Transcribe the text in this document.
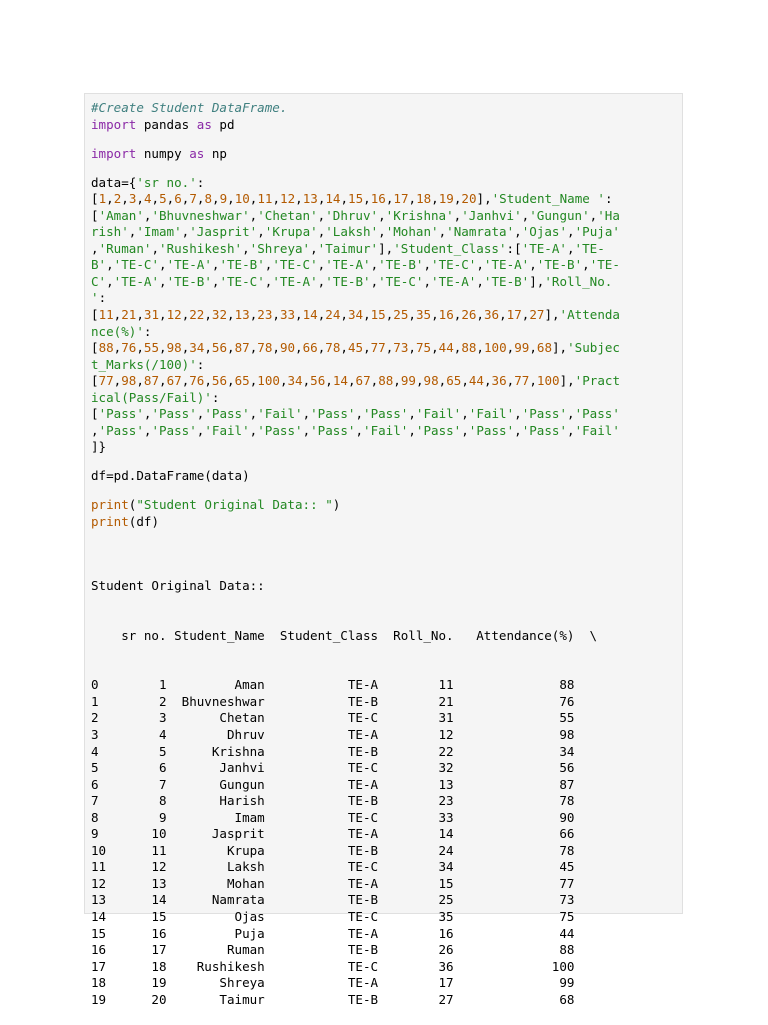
#Create Student DataFrame.
import pandas as pd
import numpy as np
data={'sr no.':
[1,2,3,4,5,6,7,8,9,10,11,12,13,14,15,16,17,18,19,20],'Student_Name ':
['Aman','Bhuvneshwar','Chetan','Dhruv','Krishna','Janhvi','Gungun','Ha
rish','Imam','Jasprit','Krupa','Laksh','Mohan','Namrata','Ojas','Puja'
,'Ruman','Rushikesh','Shreya','Taimur'],'Student_Class':['TE-A','TE-
B','TE-C','TE-A','TE-B','TE-C','TE-A','TE-B','TE-C','TE-A','TE-B','TE-
C','TE-A','TE-B','TE-C','TE-A','TE-B','TE-C','TE-A','TE-B'],'Roll_No.
':
[11,21,31,12,22,32,13,23,33,14,24,34,15,25,35,16,26,36,17,27],'Attenda
nce(%)':
[88,76,55,98,34,56,87,78,90,66,78,45,77,73,75,44,88,100,99,68],'Subjec
t_Marks(/100)':
[77,98,87,67,76,56,65,100,34,56,14,67,88,99,98,65,44,36,77,100],'Pract
ical(Pass/Fail)':
['Pass','Pass','Pass','Fail','Pass','Pass','Fail','Fail','Pass','Pass'
,'Pass','Pass','Fail','Pass','Pass','Fail','Pass','Pass','Pass','Fail'
]}
df=pd.DataFrame(data)
print("Student Original Data:: ")
print(df)

Student Original Data::

sr no. Student_Name  Student_Class  Roll_No.   Attendance(%)  \

0        1         Aman           TE-A        11              88
1        2  Bhuvneshwar           TE-B        21              76
2        3       Chetan           TE-C        31              55
3        4        Dhruv           TE-A        12              98
4        5      Krishna           TE-B        22              34
5        6       Janhvi           TE-C        32              56
6        7       Gungun           TE-A        13              87
7        8       Harish           TE-B        23              78
8        9         Imam           TE-C        33              90
9       10      Jasprit           TE-A        14              66
10      11        Krupa           TE-B        24              78
11      12        Laksh           TE-C        34              45
12      13        Mohan           TE-A        15              77
13      14      Namrata           TE-B        25              73
14      15         Ojas           TE-C        35              75
15      16         Puja           TE-A        16              44
16      17        Ruman           TE-B        26              88
17      18    Rushikesh           TE-C        36             100
18      19       Shreya           TE-A        17              99
19      20       Taimur           TE-B        27              68
